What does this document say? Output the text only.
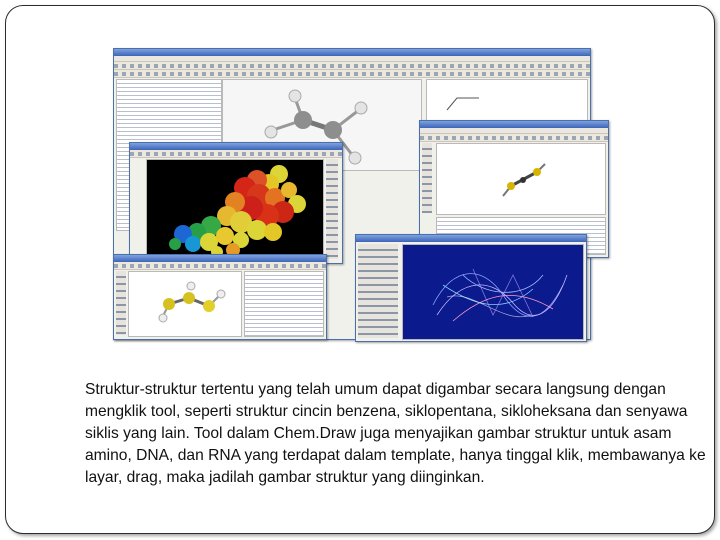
Struktur-struktur tertentu yang telah umum dapat digambar secara langsung dengan mengklik tool, seperti struktur cincin benzena, siklopentana, sikloheksana dan senyawa siklis yang lain. Tool dalam Chem.Draw juga menyajikan gambar struktur untuk asam amino, DNA, dan RNA yang terdapat dalam template, hanya tinggal klik, membawanya ke layar, drag, maka jadilah gambar struktur yang diinginkan.
